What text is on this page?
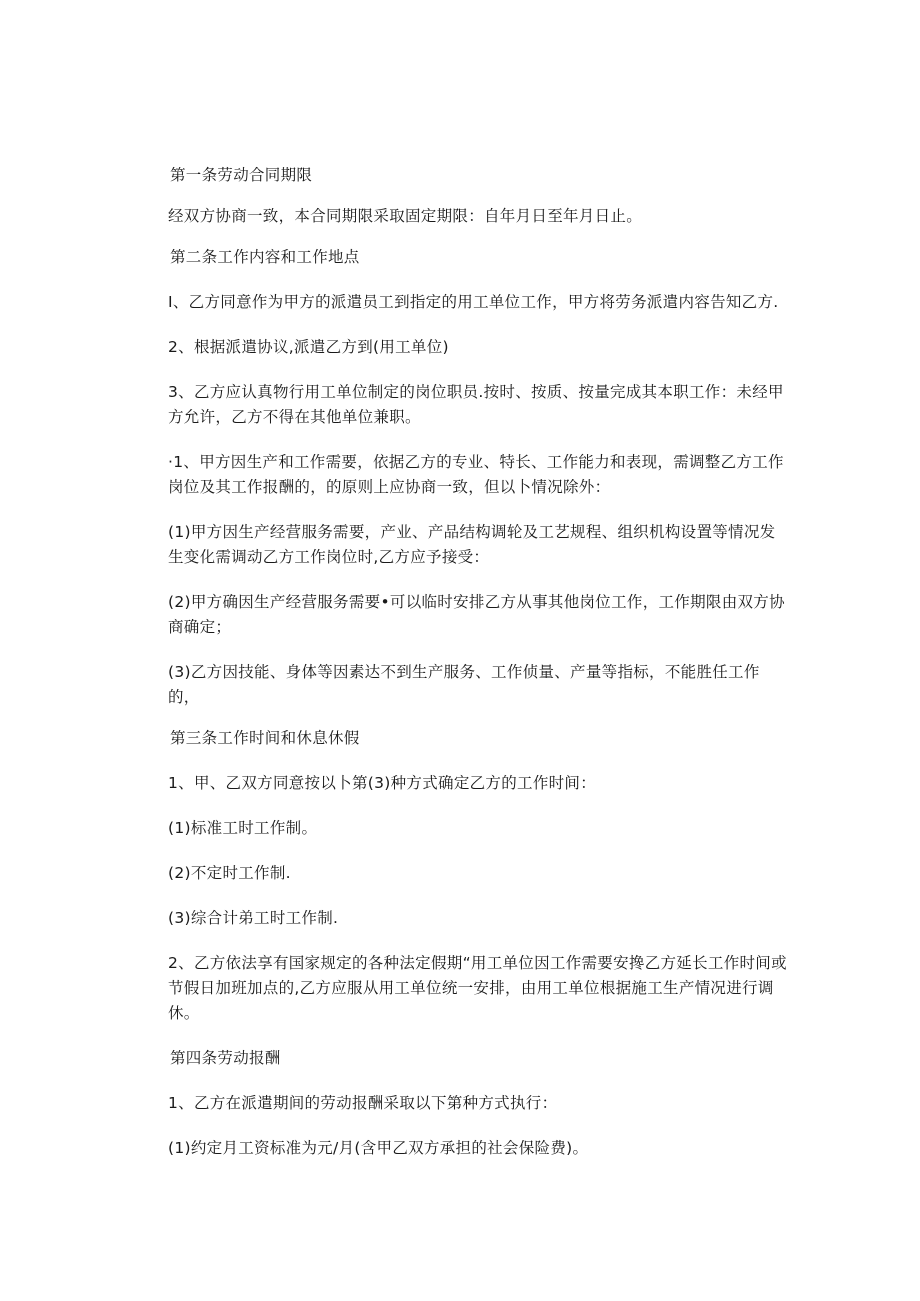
第一条劳动合同期限

经双方协商一致，本合同期限采取固定期限：自年月日至年月日止。

第二条工作内容和工作地点

I、乙方同意作为甲方的派遣员工到指定的用工单位工作，甲方将劳务派遣内容告知乙方.

2、根据派遣协议,派遣乙方到(用工单位)

3、乙方应认真物行用工单位制定的岗位职员.按时、按质、按量完成其本职工作：未经甲方允许，乙方不得在其他单位兼职。

·1、甲方因生产和工作需要，依据乙方的专业、特长、工作能力和表现，需调整乙方工作岗位及其工作报酬的，的原则上应协商一致，但以卜情况除外：

(1)甲方因生产经营服务需要，产业、产品结构调轮及工艺规程、组织机构设置等情况发生变化需调动乙方工作岗位时,乙方应予接受：

(2)甲方确因生产经营服务需要•可以临时安排乙方从事其他岗位工作，工作期限由双方协商确定；

(3)乙方因技能、身体等因素达不到生产服务、工作侦量、产量等指标，不能胜任工作的，

第三条工作时间和休息休假

1、甲、乙双方同意按以卜第(3)种方式确定乙方的工作时间：

(1)标准工时工作制。

(2)不定时工作制.

(3)综合计弟工时工作制.

2、乙方依法享有国家规定的各种法定假期“用工单位因工作需要安搀乙方延长工作时间或节假日加班加点的,乙方应服从用工单位统一安排，由用工单位根据施工生产情况进行调休。

第四条劳动报酬

1、乙方在派遣期间的劳动报酬采取以下第种方式执行：

(1)约定月工资标准为元/月(含甲乙双方承担的社会保险费)。
